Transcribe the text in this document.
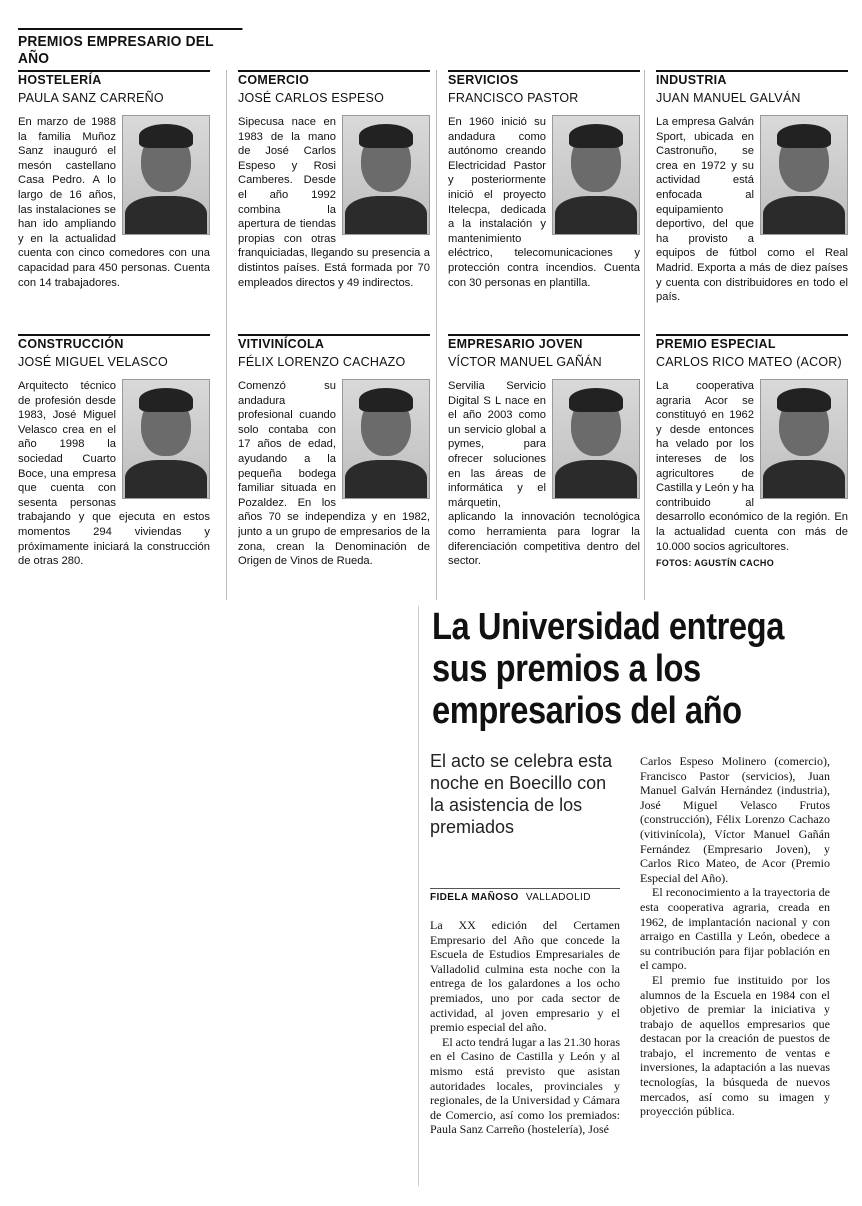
PREMIOS EMPRESARIO DEL AÑO
HOSTELERÍA
PAULA SANZ CARREÑO
En marzo de 1988 la familia Muñoz Sanz inauguró el mesón castellano Casa Pedro. A lo largo de 16 años, las instalaciones se han ido ampliando y en la actualidad cuenta con cinco comedores con una capacidad para 450 personas. Cuenta con 14 trabajadores.
COMERCIO
JOSÉ CARLOS ESPESO
Sipecusa nace en 1983 de la mano de José Carlos Espeso y Rosi Camberes. Desde el año 1992 combina la apertura de tiendas propias con otras franquiciadas, llegando su presencia a distintos países. Está formada por 70 empleados directos y 49 indirectos.
SERVICIOS
FRANCISCO PASTOR
En 1960 inició su andadura como autónomo creando Electricidad Pastor y posteriormente inició el proyecto Itelecpa, dedicada a la instalación y mantenimiento eléctrico, telecomunicaciones y protección contra incendios. Cuenta con 30 personas en plantilla.
INDUSTRIA
JUAN MANUEL GALVÁN
La empresa Galván Sport, ubicada en Castronuño, se crea en 1972 y su actividad está enfocada al equipamiento deportivo, del que ha provisto a equipos de fútbol como el Real Madrid. Exporta a más de diez países y cuenta con distribuidores en todo el país.
CONSTRUCCIÓN
JOSÉ MIGUEL VELASCO
Arquitecto técnico de profesión desde 1983, José Miguel Velasco crea en el año 1998 la sociedad Cuarto Boce, una empresa que cuenta con sesenta personas trabajando y que ejecuta en estos momentos 294 viviendas y próximamente iniciará la construcción de otras 280.
VITIVINÍCOLA
FÉLIX LORENZO CACHAZO
Comenzó su andadura profesional cuando solo contaba con 17 años de edad, ayudando a la pequeña bodega familiar situada en Pozaldez. En los años 70 se independiza y en 1982, junto a un grupo de empresarios de la zona, crean la Denominación de Origen de Vinos de Rueda.
EMPRESARIO JOVEN
VÍCTOR MANUEL GAÑÁN
Servilia Servicio Digital S L nace en el año 2003 como un servicio global a pymes, para ofrecer soluciones en las áreas de informática y el márquetin, aplicando la innovación tecnológica como herramienta para lograr la diferenciación competitiva dentro del sector.
PREMIO ESPECIAL
CARLOS RICO MATEO (ACOR)
La cooperativa agraria Acor se constituyó en 1962 y desde entonces ha velado por los intereses de los agricultores de Castilla y León y ha contribuido al desarrollo económico de la región. En la actualidad cuenta con más de 10.000 socios agricultores.
FOTOS: AGUSTÍN CACHO
La Universidad entrega sus premios a los empresarios del año
El acto se celebra esta noche en Boecillo con la asistencia de los premiados
FIDELA MAÑOSO VALLADOLID

La XX edición del Certamen Empresario del Año que concede la Escuela de Estudios Empresariales de Valladolid culmina esta noche con la entrega de los galardones a los ocho premiados, uno por cada sector de actividad, al joven empresario y el premio especial del año.

El acto tendrá lugar a las 21.30 horas en el Casino de Castilla y León y al mismo está previsto que asistan autoridades locales, provinciales y regionales, de la Universidad y Cámara de Comercio, así como los premiados: Paula Sanz Carreño (hostelería), José

Carlos Espeso Molinero (comercio), Francisco Pastor (servicios), Juan Manuel Galván Hernández (industria), José Miguel Velasco Frutos (construcción), Félix Lorenzo Cachazo (vitivinícola), Víctor Manuel Gañán Fernández (Empresario Joven), y Carlos Rico Mateo, de Acor (Premio Especial del Año).

El reconocimiento a la trayectoria de esta cooperativa agraria, creada en 1962, de implantación nacional y con arraigo en Castilla y León, obedece a su contribución para fijar población en el campo.

El premio fue instituido por los alumnos de la Escuela en 1984 con el objetivo de premiar la iniciativa y trabajo de aquellos empresarios que destacan por la creación de puestos de trabajo, el incremento de ventas e inversiones, la adaptación a las nuevas tecnologías, la búsqueda de nuevos mercados, así como su imagen y proyección pública.
